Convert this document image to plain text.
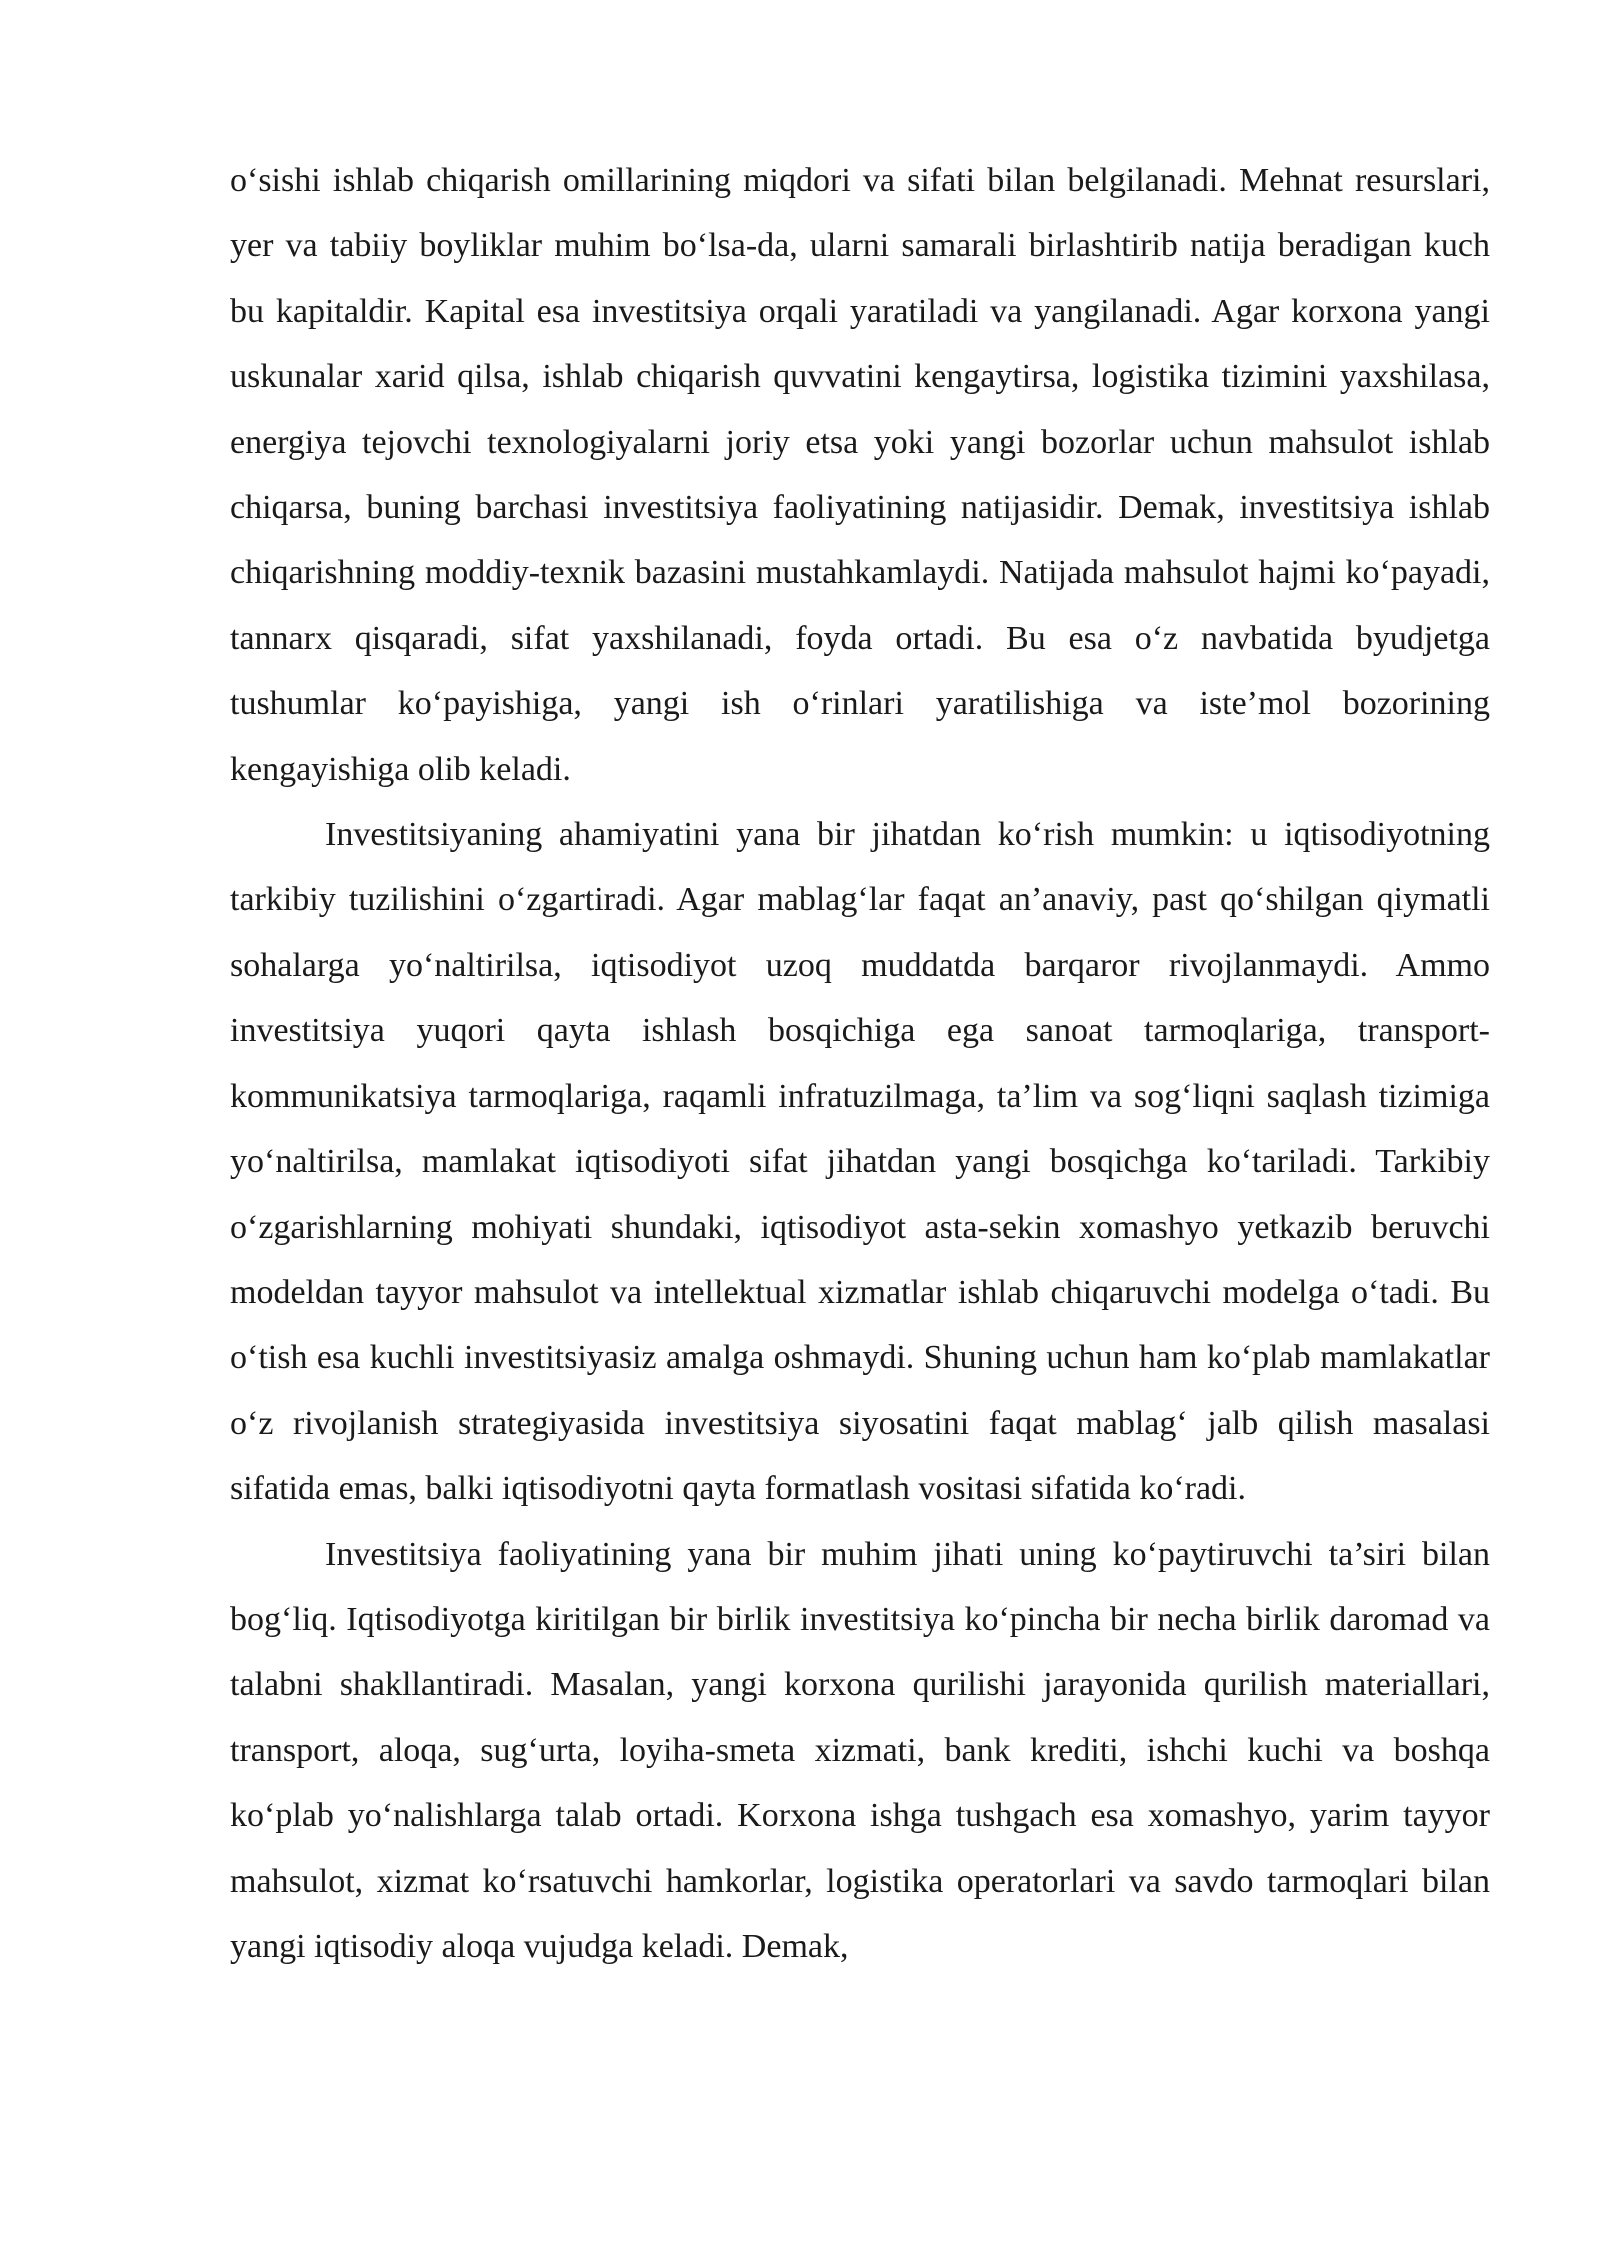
o‘sishi ishlab chiqarish omillarining miqdori va sifati bilan belgilanadi. Mehnat resurslari, yer va tabiiy boyliklar muhim bo‘lsa-da, ularni samarali birlashtirib natija beradigan kuch bu kapitaldir. Kapital esa investitsiya orqali yaratiladi va yangilanadi. Agar korxona yangi uskunalar xarid qilsa, ishlab chiqarish quvvatini kengaytirsa, logistika tizimini yaxshilasa, energiya tejovchi texnologiyalarni joriy etsa yoki yangi bozorlar uchun mahsulot ishlab chiqarsa, buning barchasi investitsiya faoliyatining natijasidir. Demak, investitsiya ishlab chiqarishning moddiy-texnik bazasini mustahkamlaydi. Natijada mahsulot hajmi ko‘payadi, tannarx qisqaradi, sifat yaxshilanadi, foyda ortadi. Bu esa o‘z navbatida byudjetga tushumlar ko‘payishiga, yangi ish o‘rinlari yaratilishiga va iste’mol bozorining kengayishiga olib keladi.

Investitsiyaning ahamiyatini yana bir jihatdan ko‘rish mumkin: u iqtisodiyotning tarkibiy tuzilishini o‘zgartiradi. Agar mablag‘lar faqat an’anaviy, past qo‘shilgan qiymatli sohalarga yo‘naltirilsa, iqtisodiyot uzoq muddatda barqaror rivojlanmaydi. Ammo investitsiya yuqori qayta ishlash bosqichiga ega sanoat tarmoqlariga, transport-kommunikatsiya tarmoqlariga, raqamli infratuzilmaga, ta’lim va sog‘liqni saqlash tizimiga yo‘naltirilsa, mamlakat iqtisodiyoti sifat jihatdan yangi bosqichga ko‘tariladi. Tarkibiy o‘zgarishlarning mohiyati shundaki, iqtisodiyot asta-sekin xomashyo yetkazib beruvchi modeldan tayyor mahsulot va intellektual xizmatlar ishlab chiqaruvchi modelga o‘tadi. Bu o‘tish esa kuchli investitsiyasiz amalga oshmaydi. Shuning uchun ham ko‘plab mamlakatlar o‘z rivojlanish strategiyasida investitsiya siyosatini faqat mablag‘ jalb qilish masalasi sifatida emas, balki iqtisodiyotni qayta formatlash vositasi sifatida ko‘radi.

Investitsiya faoliyatining yana bir muhim jihati uning ko‘paytiruvchi ta’siri bilan bog‘liq. Iqtisodiyotga kiritilgan bir birlik investitsiya ko‘pincha bir necha birlik daromad va talabni shakllantiradi. Masalan, yangi korxona qurilishi jarayonida qurilish materiallari, transport, aloqa, sug‘urta, loyiha-smeta xizmati, bank krediti, ishchi kuchi va boshqa ko‘plab yo‘nalishlarga talab ortadi. Korxona ishga tushgach esa xomashyo, yarim tayyor mahsulot, xizmat ko‘rsatuvchi hamkorlar, logistika operatorlari va savdo tarmoqlari bilan yangi iqtisodiy aloqa vujudga keladi. Demak,
